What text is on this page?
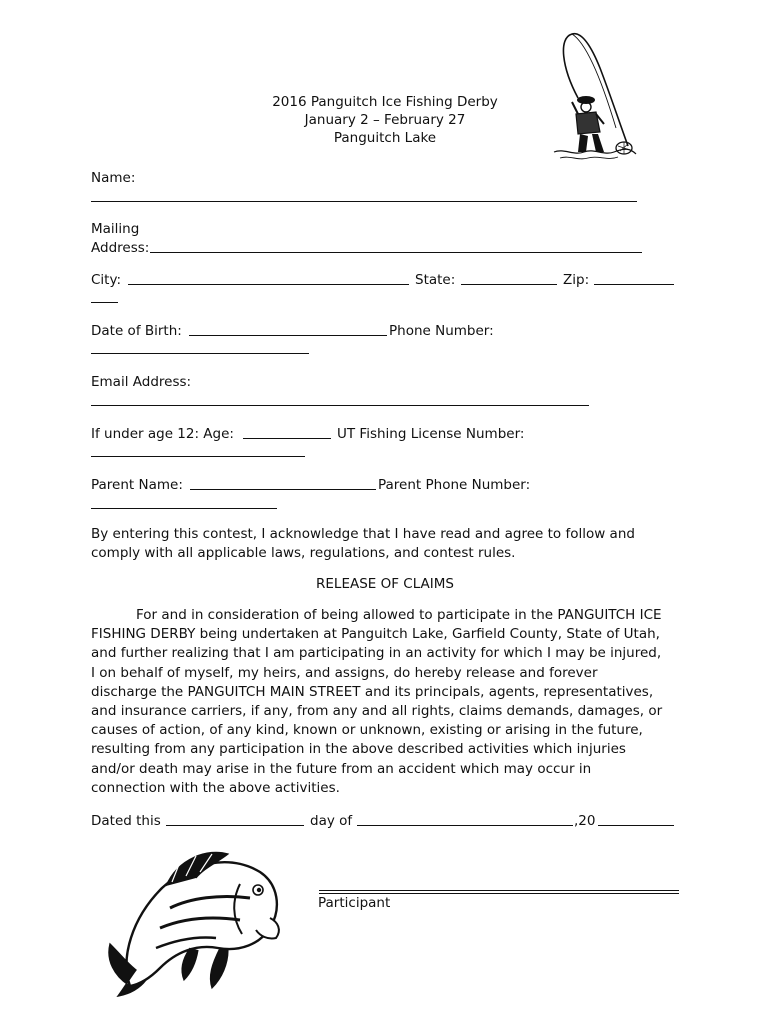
2016 Panguitch Ice Fishing Derby
January 2 – February 27
Panguitch Lake
Name:
Mailing
Address:
City:	State:	Zip:
Date of Birth:	Phone Number:
Email Address:
If under age 12: Age:	UT Fishing License Number:
Parent Name:	Parent Phone Number:
By entering this contest, I acknowledge that I have read and agree to follow and
comply with all applicable laws, regulations, and contest rules.
RELEASE OF CLAIMS
For and in consideration of being allowed to participate in the PANGUITCH ICE
FISHING DERBY being undertaken at Panguitch Lake, Garfield County, State of Utah,
and further realizing that I am participating in an activity for which I may be injured,
I on behalf of myself, my heirs, and assigns, do hereby release and forever
discharge the PANGUITCH MAIN STREET and its principals, agents, representatives,
and insurance carriers, if any, from any and all rights, claims demands, damages, or
causes of action, of any kind, known or unknown, existing or arising in the future,
resulting from any participation in the above described activities which injuries
and/or death may arise in the future from an accident which may occur in
connection with the above activities.
Dated this	day of	,20
Participant
